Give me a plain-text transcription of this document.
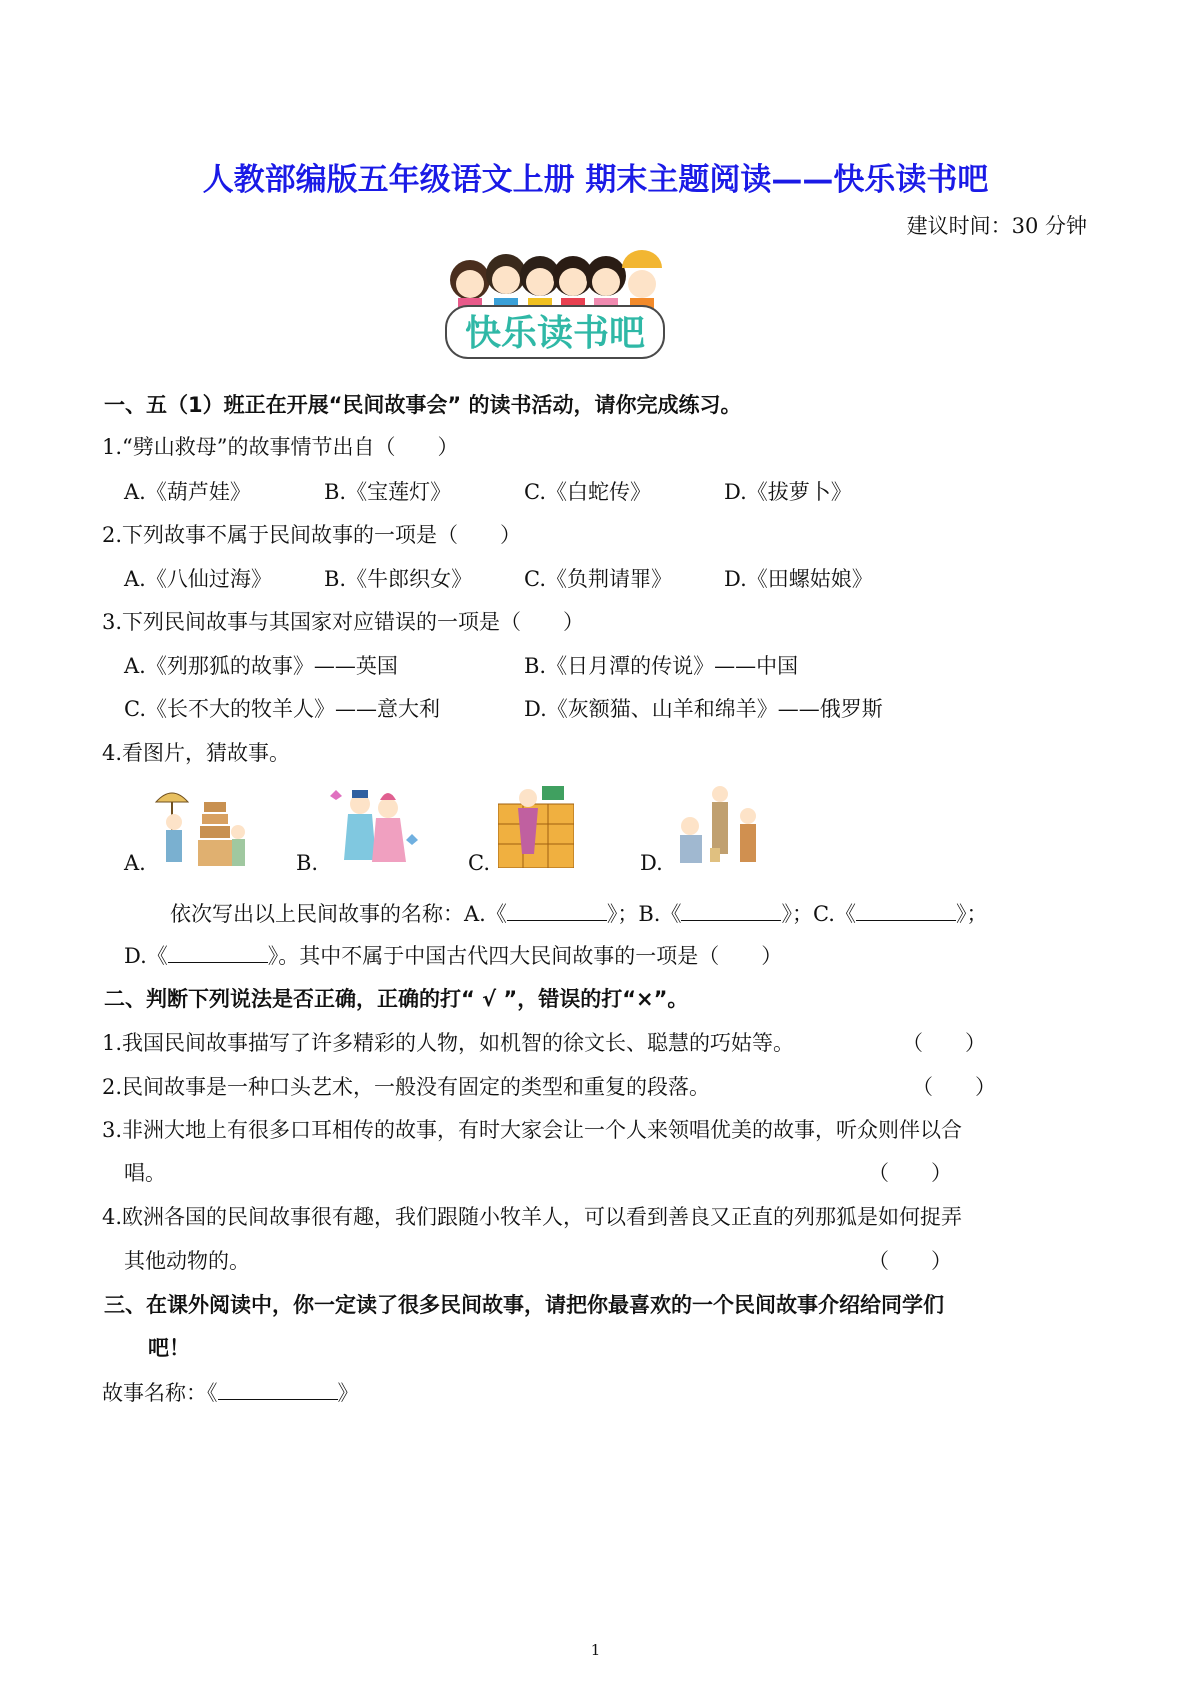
人教部编版五年级语文上册 期末主题阅读——快乐读书吧
建议时间：30 分钟
快乐读书吧
一、五（1）班正在开展“民间故事会” 的读书活动，请你完成练习。
1.“劈山救母”的故事情节出自（　　）
A.《葫芦娃》	B.《宝莲灯》	C.《白蛇传》	D.《拔萝卜》
2.下列故事不属于民间故事的一项是（　　）
A.《八仙过海》 B.《牛郎织女》 C.《负荆请罪》 D.《田螺姑娘》
3.下列民间故事与其国家对应错误的一项是（　　）
A.《列那狐的故事》——英国	B.《日月潭的传说》——中国
C.《长不大的牧羊人》——意大利	D.《灰额猫、山羊和绵羊》——俄罗斯
4.看图片，猜故事。
A.	B.	C.	D.
依次写出以上民间故事的名称：A.《	》；B.《	》；C.《	》；
D.《	》。其中不属于中国古代四大民间故事的一项是（　　）
二、判断下列说法是否正确，正确的打“ √ ”，错误的打“×”。
1.我国民间故事描写了许多精彩的人物，如机智的徐文长、聪慧的巧姑等。	（　　）
2.民间故事是一种口头艺术，一般没有固定的类型和重复的段落。	（　　）
3.非洲大地上有很多口耳相传的故事，有时大家会让一个人来领唱优美的故事，听众则伴以合
唱。	（　　）
4.欧洲各国的民间故事很有趣，我们跟随小牧羊人，可以看到善良又正直的列那狐是如何捉弄
其他动物的。	（　　）
三、在课外阅读中，你一定读了很多民间故事，请把你最喜欢的一个民间故事介绍给同学们
吧！
故事名称：《	》
1
